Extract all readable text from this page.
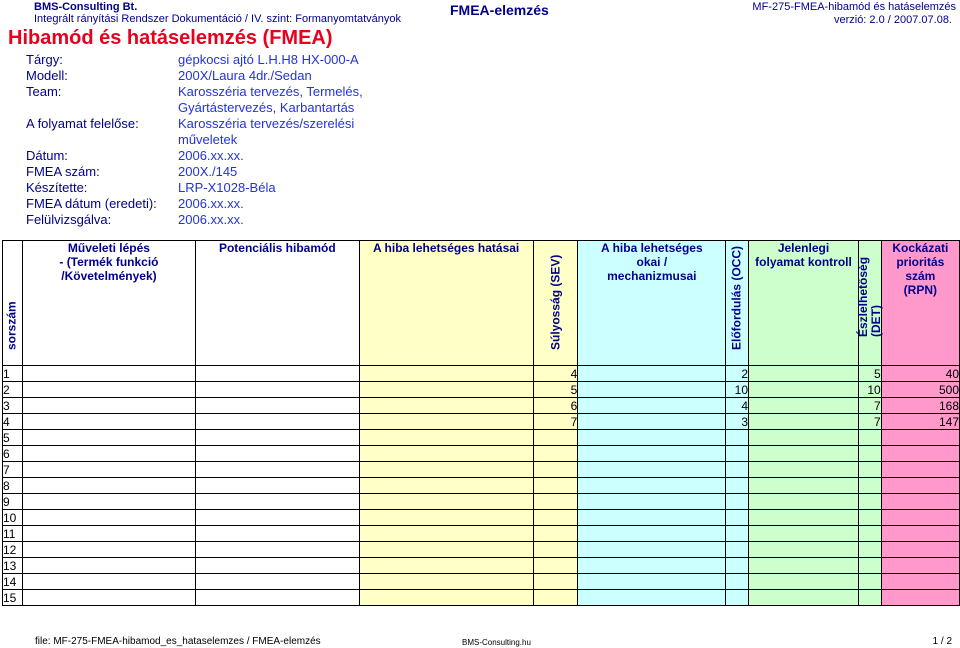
BMS-Consulting Bt.
Integrált rányítási Rendszer Dokumentáció / IV. szint: Formanyomtatványok
FMEA-elemzés	MF-275-FMEA-hibamód és hatáselemzés
verzió: 2.0 / 2007.07.08.
Hibamód és hatáselemzés (FMEA)
Tárgy:	gépkocsi ajtó L.H.H8 HX-000-A
Modell:	200X/Laura 4dr./Sedan
Team:	Karosszéria tervezés, Termelés,
Gyártástervezés, Karbantartás
A folyamat felelőse:	Karosszéria tervezés/szerelési
műveletek
Dátum:	2006.xx.xx.
FMEA szám:	200X./145
Készítette:	LRP-X1028-Béla
FMEA dátum (eredeti): 2006.xx.xx.
Felülvizsgálva:	2006.xx.xx.
sorszám	Műveleti lépés
- (Termék funkció
/Követelmények)	Potenciális hibamód	A hiba lehetséges hatásai	Súlyosság (SEV)	A hiba lehetséges
okai /
mechanizmusai	Előfordulás (OCC)	Jelenlegi
folyamat kontroll	Észlelhetőség
(DET)	Kockázati
prioritás
szám
(RPN)
1				4		2		5	40
2				5		10		10	500
3				6		4		7	168
4				7		3		7	147
5									
6									
7									
8									
9									
10									
11									
12									
13									
14									
15									
file: MF-275-FMEA-hibamod_es_hataselemzes / FMEA-elemzés	BMS-Consulting.hu	1 / 2
